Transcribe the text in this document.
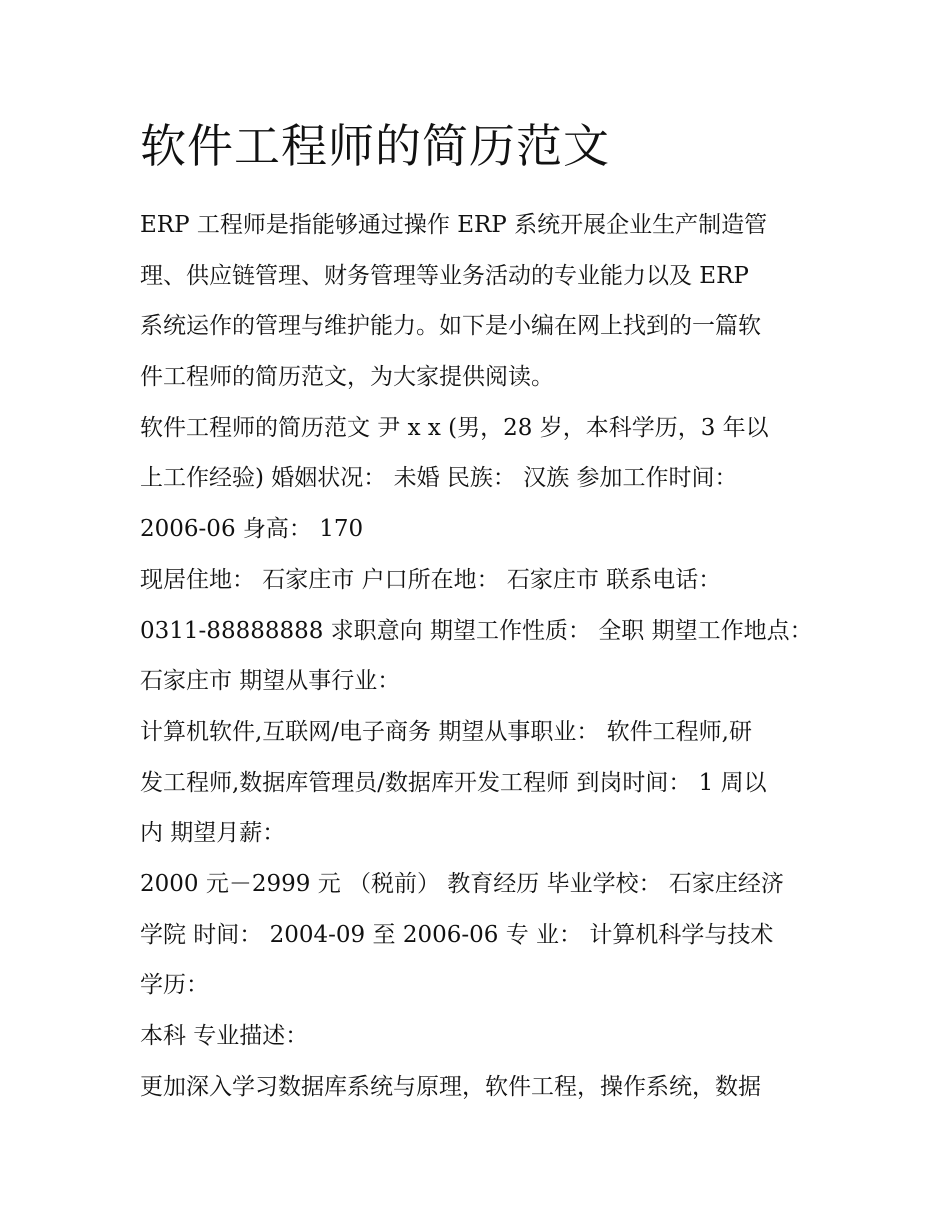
软件工程师的简历范文
ERP 工程师是指能够通过操作 ERP 系统开展企业生产制造管
理、供应链管理、财务管理等业务活动的专业能力以及 ERP
系统运作的管理与维护能力。如下是小编在网上找到的一篇软
件工程师的简历范文，为大家提供阅读。
软件工程师的简历范文 尹 x x (男，28 岁，本科学历，3 年以
上工作经验) 婚姻状况： 未婚 民族： 汉族 参加工作时间：
2006-06 身高： 170
现居住地： 石家庄市 户口所在地： 石家庄市 联系电话：
0311-88888888 求职意向 期望工作性质： 全职 期望工作地点：
石家庄市 期望从事行业：
计算机软件,互联网/电子商务 期望从事职业： 软件工程师,研
发工程师,数据库管理员/数据库开发工程师 到岗时间： 1 周以
内 期望月薪：
2000 元－2999 元 （税前） 教育经历 毕业学校： 石家庄经济
学院 时间： 2004-09 至 2006-06 专 业： 计算机科学与技术
学历：
本科 专业描述：
更加深入学习数据库系统与原理，软件工程，操作系统，数据
